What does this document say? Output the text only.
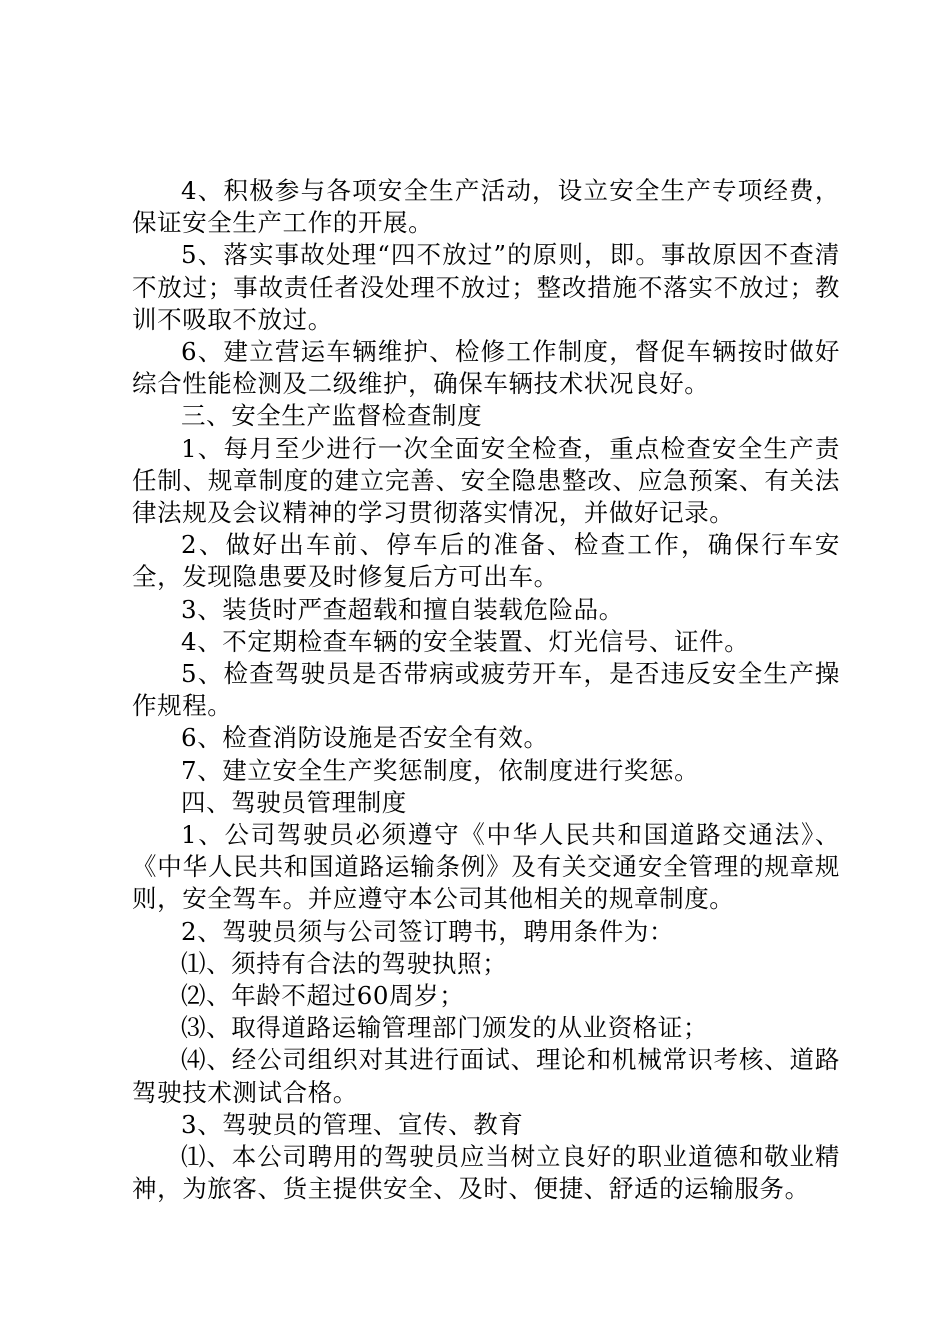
4、积极参与各项安全生产活动，设立安全生产专项经费，保证安全生产工作的开展。

5、落实事故处理“四不放过”的原则，即。事故原因不查清不放过；事故责任者没处理不放过；整改措施不落实不放过；教训不吸取不放过。

6、建立营运车辆维护、检修工作制度，督促车辆按时做好综合性能检测及二级维护，确保车辆技术状况良好。

三、安全生产监督检查制度

1、每月至少进行一次全面安全检查，重点检查安全生产责任制、规章制度的建立完善、安全隐患整改、应急预案、有关法律法规及会议精神的学习贯彻落实情况，并做好记录。

2、做好出车前、停车后的准备、检查工作，确保行车安全，发现隐患要及时修复后方可出车。

3、装货时严查超载和擅自装载危险品。

4、不定期检查车辆的安全装置、灯光信号、证件。

5、检查驾驶员是否带病或疲劳开车，是否违反安全生产操作规程。

6、检查消防设施是否安全有效。

7、建立安全生产奖惩制度，依制度进行奖惩。

四、驾驶员管理制度

1、公司驾驶员必须遵守《中华人民共和国道路交通法》、《中华人民共和国道路运输条例》及有关交通安全管理的规章规则，安全驾车。并应遵守本公司其他相关的规章制度。

2、驾驶员须与公司签订聘书，聘用条件为：

⑴、须持有合法的驾驶执照；

⑵、年龄不超过60周岁；

⑶、取得道路运输管理部门颁发的从业资格证；

⑷、经公司组织对其进行面试、理论和机械常识考核、道路驾驶技术测试合格。

3、驾驶员的管理、宣传、教育

⑴、本公司聘用的驾驶员应当树立良好的职业道德和敬业精神，为旅客、货主提供安全、及时、便捷、舒适的运输服务。
